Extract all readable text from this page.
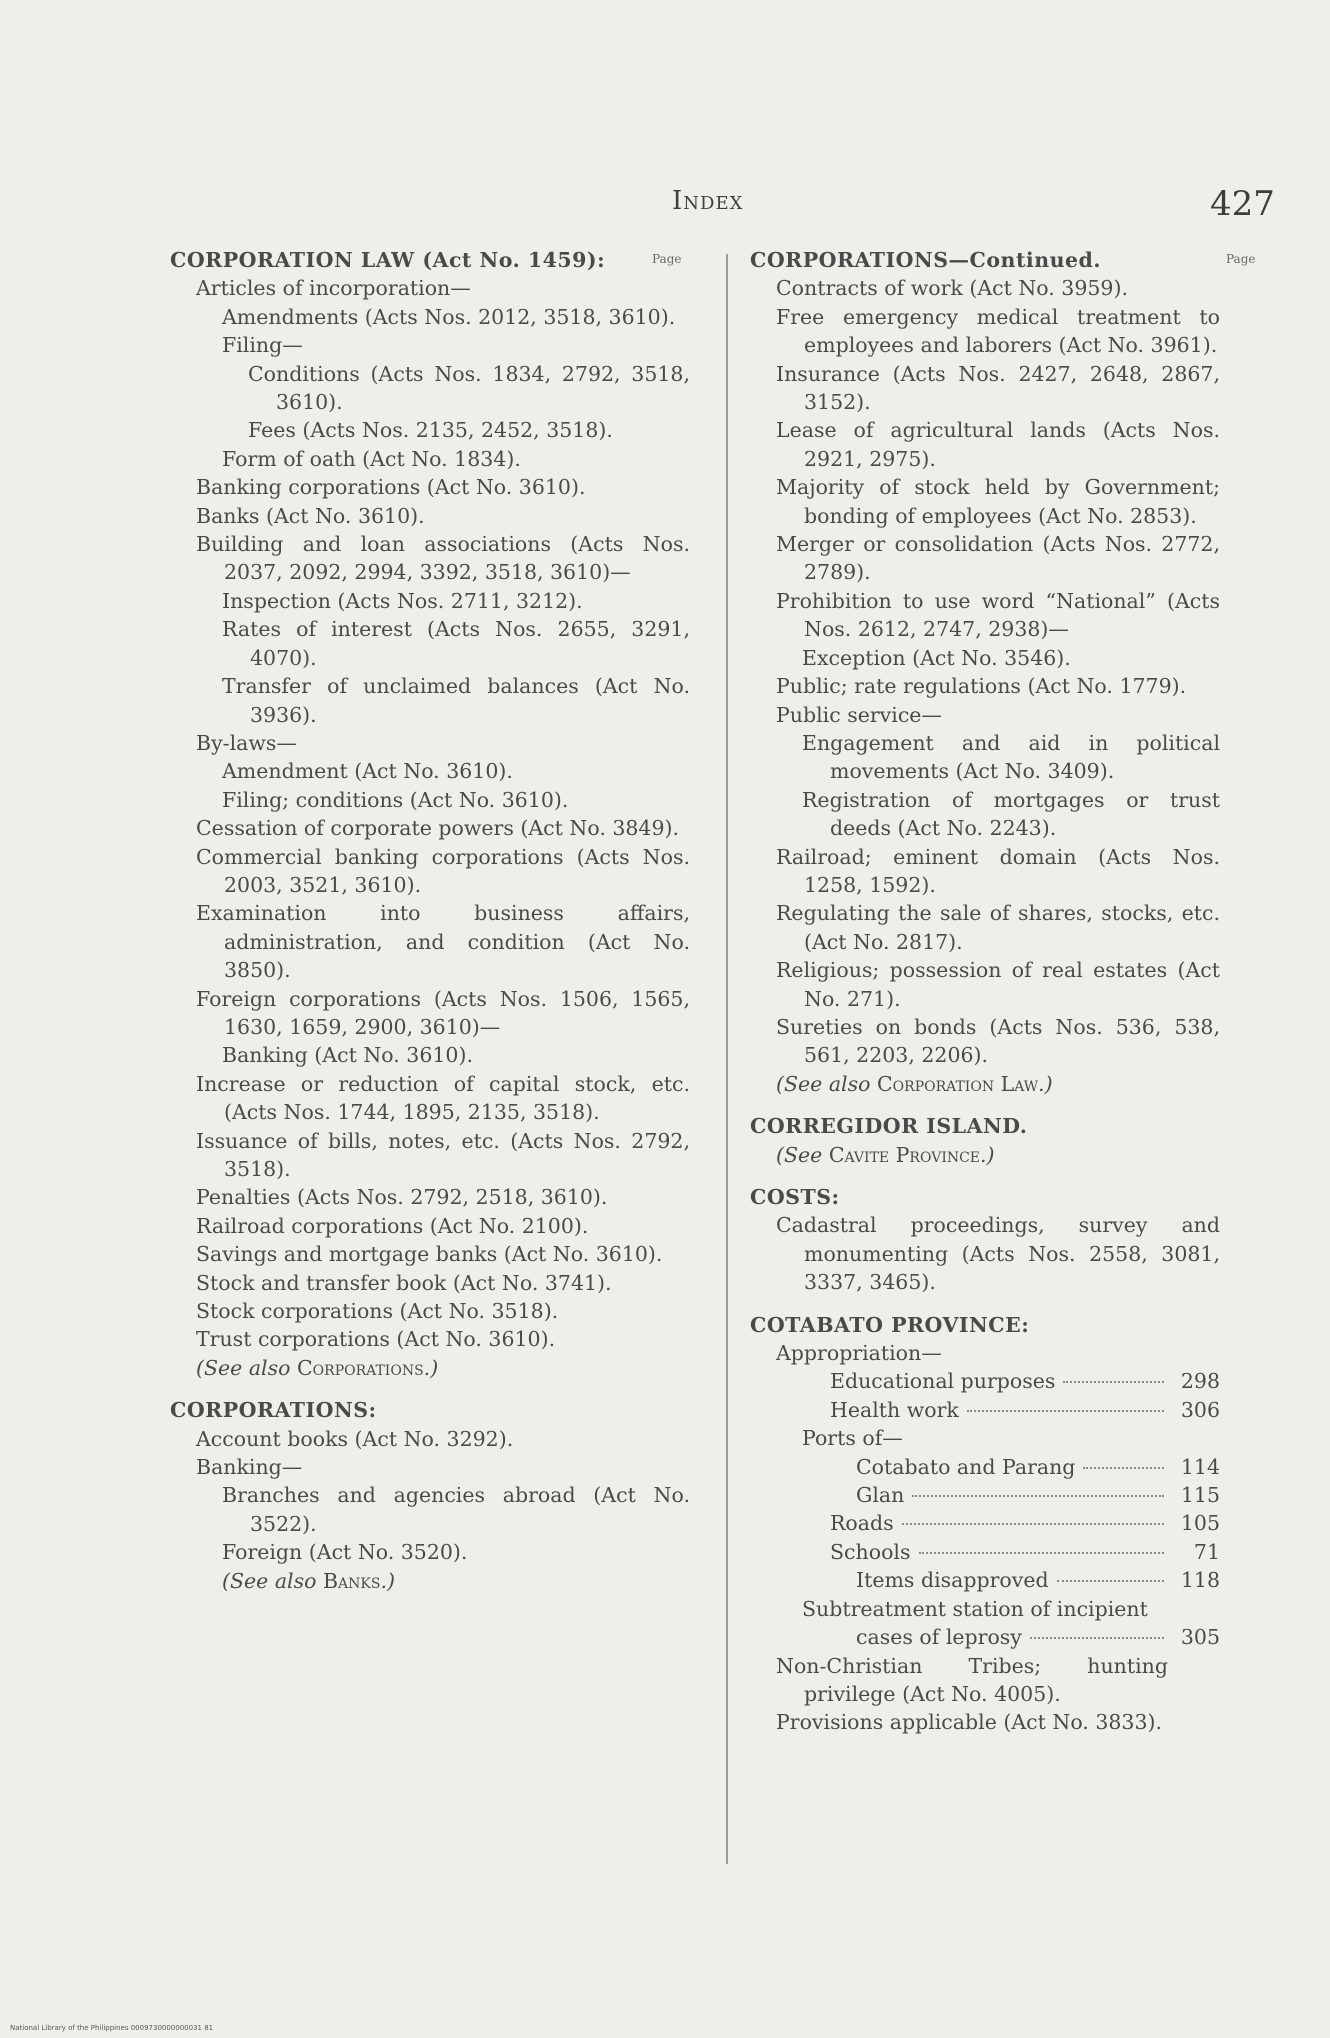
Index	427
Page	Page
CORPORATION LAW (Act No. 1459):
Articles of incorporation—
Amendments (Acts Nos. 2012, 3518, 3610).
Filing—
Conditions (Acts Nos. 1834, 2792, 3518, 3610).
Fees (Acts Nos. 2135, 2452, 3518).
Form of oath (Act No. 1834).
Banking corporations (Act No. 3610).
Banks (Act No. 3610).
Building and loan associations (Acts Nos. 2037, 2092, 2994, 3392, 3518, 3610)—
Inspection (Acts Nos. 2711, 3212).
Rates of interest (Acts Nos. 2655, 3291, 4070).
Transfer of unclaimed balances (Act No. 3936).
By-laws—
Amendment (Act No. 3610).
Filing; conditions (Act No. 3610).
Cessation of corporate powers (Act No. 3849).
Commercial banking corporations (Acts Nos. 2003, 3521, 3610).
Examination into business affairs, administration, and condition (Act No. 3850).
Foreign corporations (Acts Nos. 1506, 1565, 1630, 1659, 2900, 3610)—
Banking (Act No. 3610).
Increase or reduction of capital stock, etc. (Acts Nos. 1744, 1895, 2135, 3518).
Issuance of bills, notes, etc. (Acts Nos. 2792, 3518).
Penalties (Acts Nos. 2792, 2518, 3610).
Railroad corporations (Act No. 2100).
Savings and mortgage banks (Act No. 3610).
Stock and transfer book (Act No. 3741).
Stock corporations (Act No. 3518).
Trust corporations (Act No. 3610).
(See also Corporations.)
CORPORATIONS:
Account books (Act No. 3292).
Banking—
Branches and agencies abroad (Act No. 3522).
Foreign (Act No. 3520).
(See also Banks.)
CORPORATIONS—Continued.
Contracts of work (Act No. 3959).
Free emergency medical treatment to employees and laborers (Act No. 3961).
Insurance (Acts Nos. 2427, 2648, 2867, 3152).
Lease of agricultural lands (Acts Nos. 2921, 2975).
Majority of stock held by Government; bonding of employees (Act No. 2853).
Merger or consolidation (Acts Nos. 2772, 2789).
Prohibition to use word “National” (Acts Nos. 2612, 2747, 2938)—
Exception (Act No. 3546).
Public; rate regulations (Act No. 1779).
Public service—
Engagement and aid in political movements (Act No. 3409).
Registration of mortgages or trust deeds (Act No. 2243).
Railroad; eminent domain (Acts Nos. 1258, 1592).
Regulating the sale of shares, stocks, etc. (Act No. 2817).
Religious; possession of real estates (Act No. 271).
Sureties on bonds (Acts Nos. 536, 538, 561, 2203, 2206).
(See also Corporation Law.)
CORREGIDOR ISLAND.
(See Cavite Province.)
COSTS:
Cadastral proceedings, survey and monumenting (Acts Nos. 2558, 3081, 3337, 3465).
COTABATO PROVINCE:
Appropriation—
Educational purposes	298
Health work	306
Ports of—
Cotabato and Parang	114
Glan	115
Roads	105
Schools	71
Items disapproved	118
Subtreatment station of incipient
cases of leprosy	305
Non-Christian Tribes; hunting privilege (Act No. 4005).
Provisions applicable (Act No. 3833).
National Library of the Philippines 0009730000000031 81
